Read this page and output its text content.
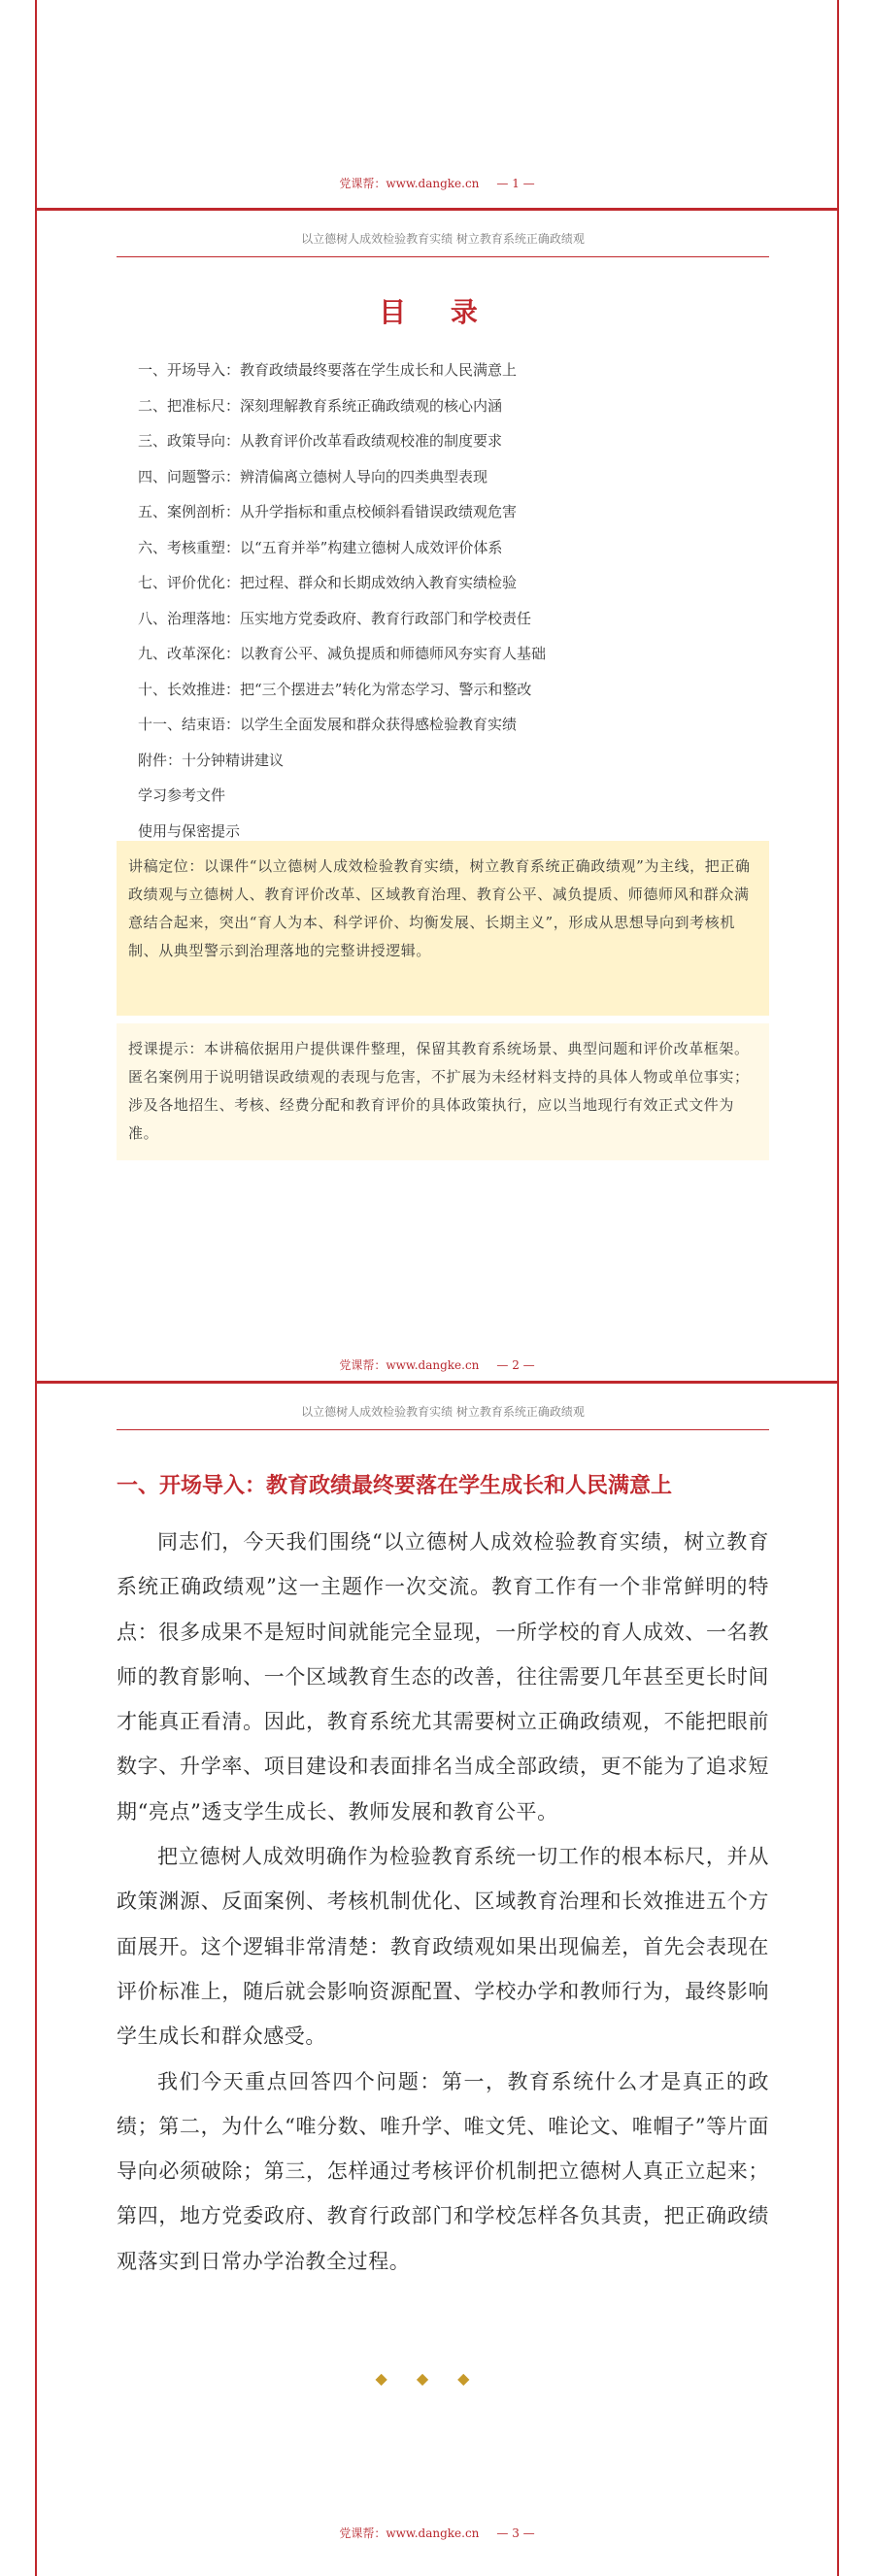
党课帮：www.dangke.cn — 1 —
以立德树人成效检验教育实绩 树立教育系统正确政绩观
目 录
一、开场导入：教育政绩最终要落在学生成长和人民满意上
二、把准标尺：深刻理解教育系统正确政绩观的核心内涵
三、政策导向：从教育评价改革看政绩观校准的制度要求
四、问题警示：辨清偏离立德树人导向的四类典型表现
五、案例剖析：从升学指标和重点校倾斜看错误政绩观危害
六、考核重塑：以“五育并举”构建立德树人成效评价体系
七、评价优化：把过程、群众和长期成效纳入教育实绩检验
八、治理落地：压实地方党委政府、教育行政部门和学校责任
九、改革深化：以教育公平、减负提质和师德师风夯实育人基础
十、长效推进：把“三个摆进去”转化为常态学习、警示和整改
十一、结束语：以学生全面发展和群众获得感检验教育实绩
附件：十分钟精讲建议
学习参考文件
使用与保密提示

讲稿定位：以课件“以立德树人成效检验教育实绩，树立教育系统正确政绩观”为主线，把正确政绩观与立德树人、教育评价改革、区域教育治理、教育公平、减负提质、师德师风和群众满意结合起来，突出“育人为本、科学评价、均衡发展、长期主义”，形成从思想导向到考核机制、从典型警示到治理落地的完整讲授逻辑。

授课提示：本讲稿依据用户提供课件整理，保留其教育系统场景、典型问题和评价改革框架。匿名案例用于说明错误政绩观的表现与危害，不扩展为未经材料支持的具体人物或单位事实；涉及各地招生、考核、经费分配和教育评价的具体政策执行，应以当地现行有效正式文件为准。

党课帮：www.dangke.cn — 2 —
以立德树人成效检验教育实绩 树立教育系统正确政绩观
一、开场导入：教育政绩最终要落在学生成长和人民满意上

同志们，今天我们围绕“以立德树人成效检验教育实绩，树立教育系统正确政绩观”这一主题作一次交流。教育工作有一个非常鲜明的特点：很多成果不是短时间就能完全显现，一所学校的育人成效、一名教师的教育影响、一个区域教育生态的改善，往往需要几年甚至更长时间才能真正看清。因此，教育系统尤其需要树立正确政绩观，不能把眼前数字、升学率、项目建设和表面排名当成全部政绩，更不能为了追求短期“亮点”透支学生成长、教师发展和教育公平。

把立德树人成效明确作为检验教育系统一切工作的根本标尺，并从政策渊源、反面案例、考核机制优化、区域教育治理和长效推进五个方面展开。这个逻辑非常清楚：教育政绩观如果出现偏差，首先会表现在评价标准上，随后就会影响资源配置、学校办学和教师行为，最终影响学生成长和群众感受。

我们今天重点回答四个问题：第一，教育系统什么才是真正的政绩；第二，为什么“唯分数、唯升学、唯文凭、唯论文、唯帽子”等片面导向必须破除；第三，怎样通过考核评价机制把立德树人真正立起来；第四，地方党委政府、教育行政部门和学校怎样各负其责，把正确政绩观落实到日常办学治教全过程。

◆◆◆
党课帮：www.dangke.cn — 3 —
